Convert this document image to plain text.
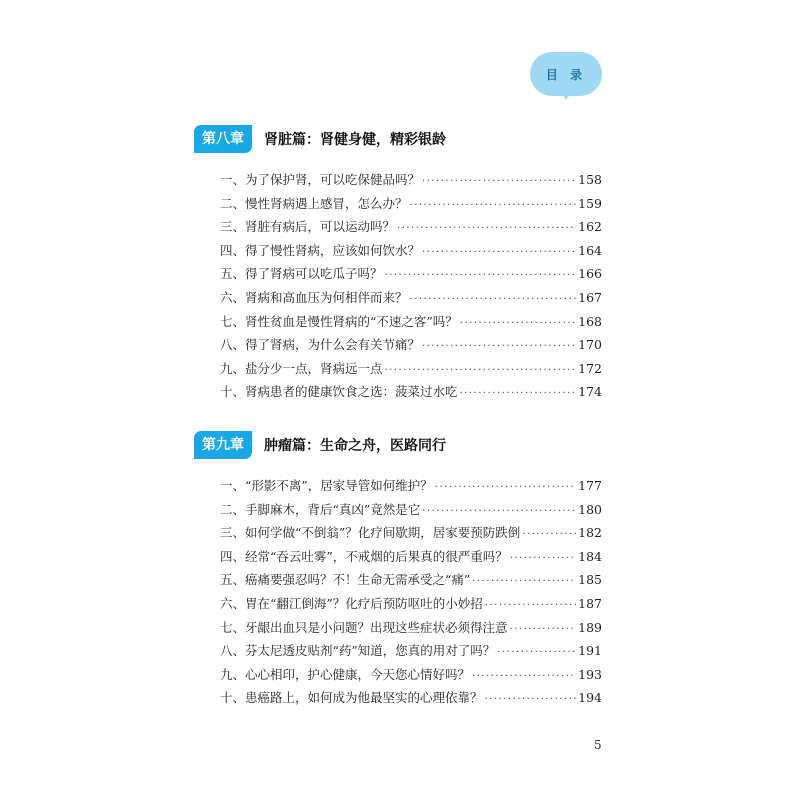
目 录
第八章	肾脏篇：肾健身健，精彩银龄
一、为了保护肾，可以吃保健品吗？ ·····	158
二、慢性肾病遇上感冒，怎么办？ ·····	159
三、肾脏有病后，可以运动吗？ ·····	162
四、得了慢性肾病，应该如何饮水？ ·····	164
五、得了肾病可以吃瓜子吗？ ·····	166
六、肾病和高血压为何相伴而来？ ·····	167
七、肾性贫血是慢性肾病的“不速之客”吗？ ·····	168
八、得了肾病，为什么会有关节痛？ ·····	170
九、盐分少一点，肾病远一点 ·····	172
十、肾病患者的健康饮食之选：菠菜过水吃 ·····	174
第九章	肿瘤篇：生命之舟，医路同行
一、“形影不离”，居家导管如何维护？ ·····	177
二、手脚麻木，背后“真凶”竟然是它 ·····	180
三、如何学做“不倒翁”？化疗间歇期，居家要预防跌倒 ·····	182
四、经常“吞云吐雾”，不戒烟的后果真的很严重吗？ ·····	184
五、癌痛要强忍吗？不！生命无需承受之“痛” ·····	185
六、胃在“翻江倒海”？化疗后预防呕吐的小妙招 ·····	187
七、牙龈出血只是小问题？出现这些症状必须得注意 ·····	189
八、芬太尼透皮贴剂“药”知道，您真的用对了吗？ ·····	191
九、心心相印，护心健康，今天您心情好吗？ ·····	193
十、患癌路上，如何成为他最坚实的心理依靠？ ·····	194
5
